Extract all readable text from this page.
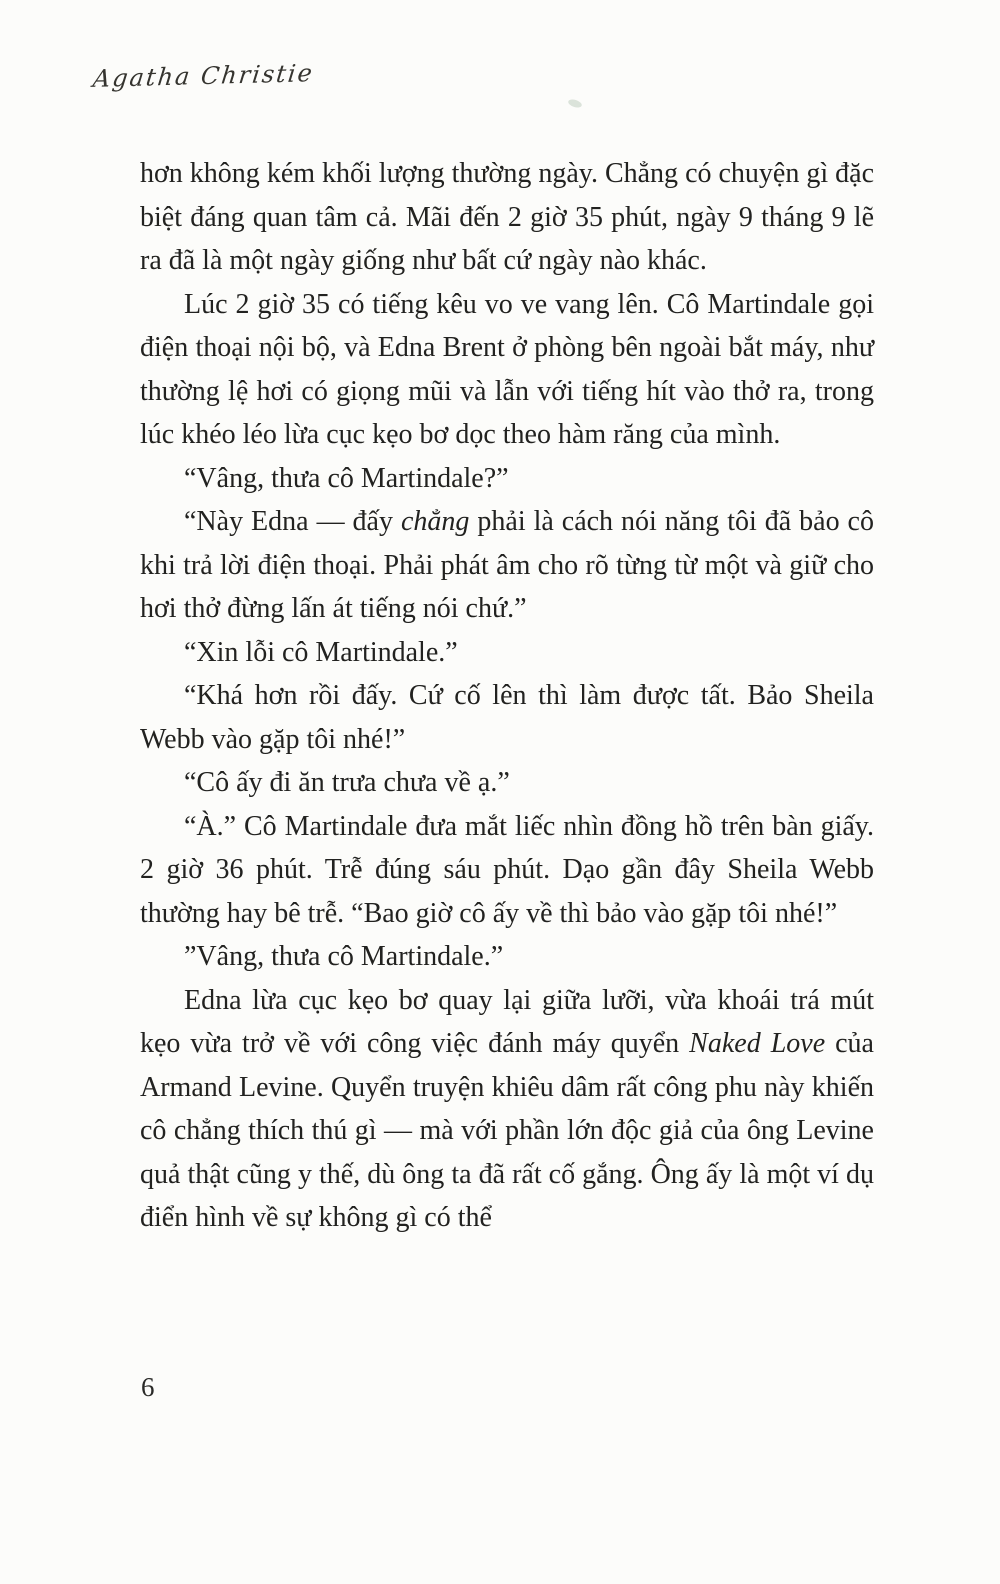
Agatha Christie

hơn không kém khối lượng thường ngày. Chẳng có chuyện gì đặc biệt đáng quan tâm cả. Mãi đến 2 giờ 35 phút, ngày 9 tháng 9 lẽ ra đã là một ngày giống như bất cứ ngày nào khác.

Lúc 2 giờ 35 có tiếng kêu vo ve vang lên. Cô Martindale gọi điện thoại nội bộ, và Edna Brent ở phòng bên ngoài bắt máy, như thường lệ hơi có giọng mũi và lẫn với tiếng hít vào thở ra, trong lúc khéo léo lừa cục kẹo bơ dọc theo hàm răng của mình.

“Vâng, thưa cô Martindale?”

“Này Edna — đấy chẳng phải là cách nói năng tôi đã bảo cô khi trả lời điện thoại. Phải phát âm cho rõ từng từ một và giữ cho hơi thở đừng lấn át tiếng nói chứ.”

“Xin lỗi cô Martindale.”

“Khá hơn rồi đấy. Cứ cố lên thì làm được tất. Bảo Sheila Webb vào gặp tôi nhé!”

“Cô ấy đi ăn trưa chưa về ạ.”

“À.” Cô Martindale đưa mắt liếc nhìn đồng hồ trên bàn giấy. 2 giờ 36 phút. Trễ đúng sáu phút. Dạo gần đây Sheila Webb thường hay bê trễ. “Bao giờ cô ấy về thì bảo vào gặp tôi nhé!”

”Vâng, thưa cô Martindale.”

Edna lừa cục kẹo bơ quay lại giữa lưỡi, vừa khoái trá mút kẹo vừa trở về với công việc đánh máy quyển Naked Love của Armand Levine. Quyển truyện khiêu dâm rất công phu này khiến cô chẳng thích thú gì — mà với phần lớn độc giả của ông Levine quả thật cũng y thế, dù ông ta đã rất cố gắng. Ông ấy là một ví dụ điển hình về sự không gì có thể

6
